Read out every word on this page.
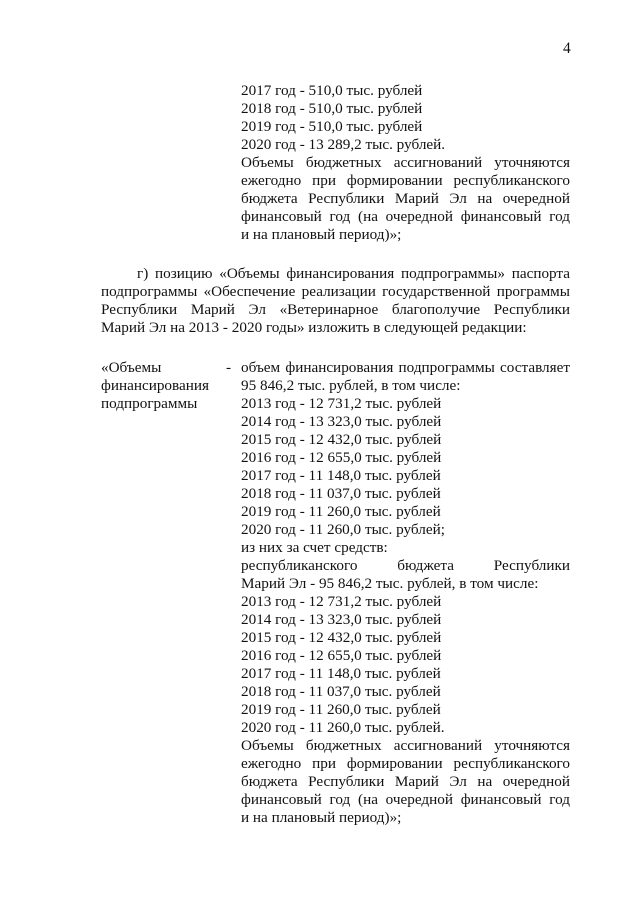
4
2017 год - 510,0 тыс. рублей
2018 год - 510,0 тыс. рублей
2019 год - 510,0 тыс. рублей
2020 год - 13 289,2 тыс. рублей.
Объемы бюджетных ассигнований уточняются
ежегодно при формировании республиканского
бюджета Республики Марий Эл на очередной
финансовый год (на очередной финансовый год
и на плановый период)»;
г) позицию «Объемы финансирования подпрограммы» паспорта
подпрограммы «Обеспечение реализации государственной программы
Республики Марий Эл «Ветеринарное благополучие Республики
Марий Эл на 2013 - 2020 годы» изложить в следующей редакции:
«Объемы
финансирования
подпрограммы
- объем финансирования подпрограммы составляет
95 846,2 тыс. рублей, в том числе:
2013 год - 12 731,2 тыс. рублей
2014 год - 13 323,0 тыс. рублей
2015 год - 12 432,0 тыс. рублей
2016 год - 12 655,0 тыс. рублей
2017 год - 11 148,0 тыс. рублей
2018 год - 11 037,0 тыс. рублей
2019 год - 11 260,0 тыс. рублей
2020 год - 11 260,0 тыс. рублей;
из них за счет средств:
республиканского бюджета Республики
Марий Эл - 95 846,2 тыс. рублей, в том числе:
2013 год - 12 731,2 тыс. рублей
2014 год - 13 323,0 тыс. рублей
2015 год - 12 432,0 тыс. рублей
2016 год - 12 655,0 тыс. рублей
2017 год - 11 148,0 тыс. рублей
2018 год - 11 037,0 тыс. рублей
2019 год - 11 260,0 тыс. рублей
2020 год - 11 260,0 тыс. рублей.
Объемы бюджетных ассигнований уточняются
ежегодно при формировании республиканского
бюджета Республики Марий Эл на очередной
финансовый год (на очередной финансовый год
и на плановый период)»;
